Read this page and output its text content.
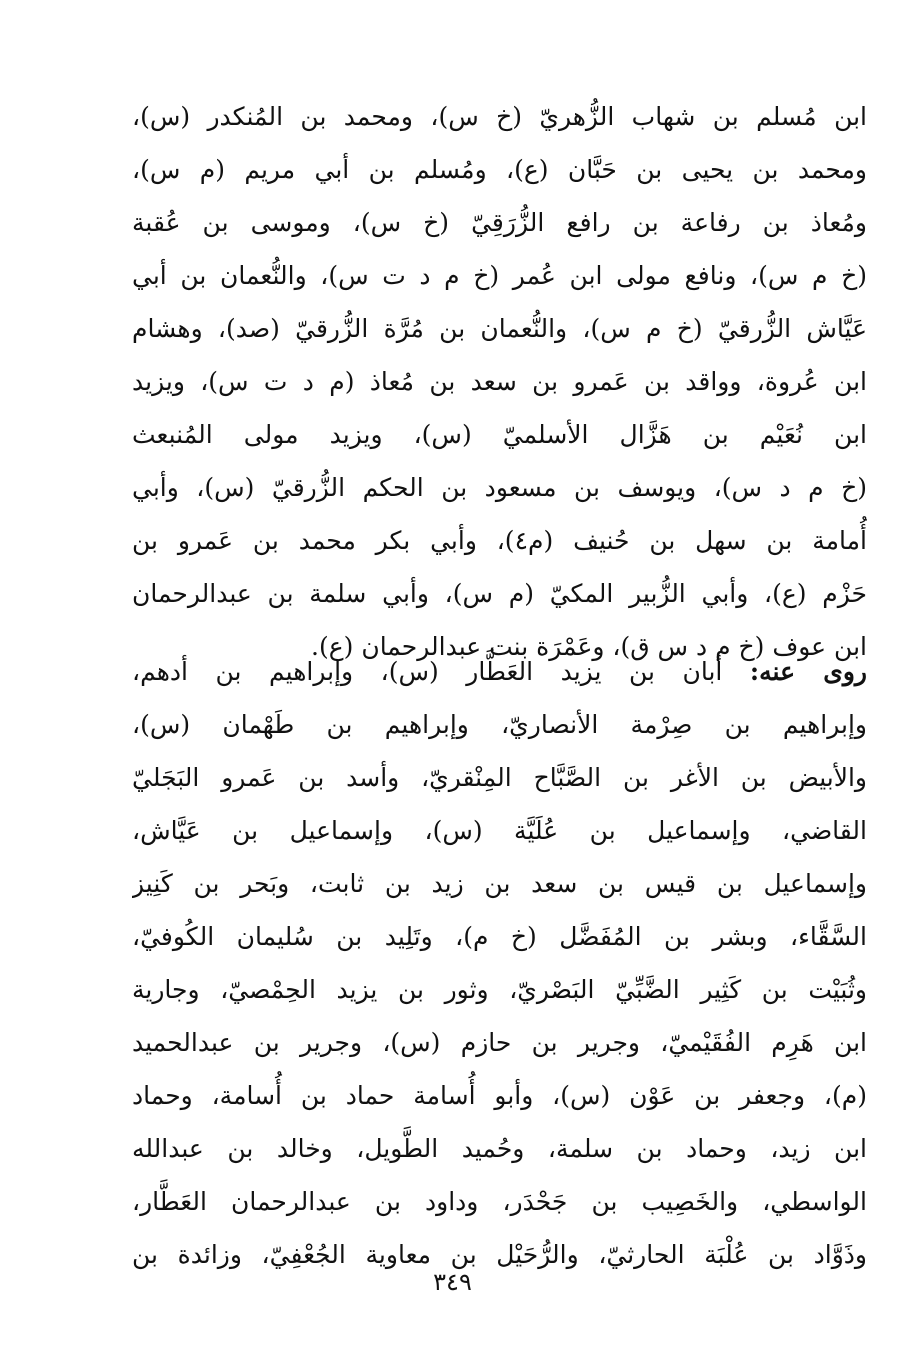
ابن مُسلم بن شهاب الزُّهريّ (خ س)، ومحمد بن المُنكدر (س)،
ومحمد بن يحيى بن حَبَّان (ع)، ومُسلم بن أبي مريم (م س)،
ومُعاذ بن رفاعة بن رافع الزُّرَقِيّ (خ س)، وموسى بن عُقبة
(خ م س)، ونافع مولى ابن عُمر (خ م د ت س)، والنُّعمان بن أبي
عَيَّاش الزُّرقيّ (خ م س)، والنُّعمان بن مُرَّة الزُّرقيّ (صد)، وهشام
ابن عُروة، وواقد بن عَمرو بن سعد بن مُعاذ (م د ت س)، ويزيد
ابن نُعَيْم بن هَزَّال الأسلميّ (س)، ويزيد مولى المُنبعث
(خ م د س)، ويوسف بن مسعود بن الحكم الزُّرقيّ (س)، وأبي
أُمامة بن سهل بن حُنيف (م٤)، وأبي بكر محمد بن عَمرو بن
حَزْم (ع)، وأبي الزُّبير المكيّ (م س)، وأبي سلمة بن عبدالرحمان
ابن عوف (خ م د س ق)، وعَمْرَة بنت عبدالرحمان (ع).
روى عنه: أبان بن يزيد العَطَّار (س)، وإبراهيم بن أدهم،
وإبراهيم بن صِرْمة الأنصاريّ، وإبراهيم بن طَهْمان (س)،
والأبيض بن الأغر بن الصَّبَّاح المِنْقريّ، وأسد بن عَمرو البَجَليّ
القاضي، وإسماعيل بن عُلَيَّة (س)، وإسماعيل بن عَيَّاش،
وإسماعيل بن قيس بن سعد بن زيد بن ثابت، وبَحر بن كَنِيز
السَّقَّاء، وبشر بن المُفَضَّل (خ م)، وتَلِيد بن سُليمان الكُوفيّ،
وثُبَيْت بن كَثِير الضَّبِّيّ البَصْريّ، وثور بن يزيد الحِمْصيّ، وجارية
ابن هَرِم الفُقَيْميّ، وجرير بن حازم (س)، وجرير بن عبدالحميد
(م)، وجعفر بن عَوْن (س)، وأبو أُسامة حماد بن أُسامة، وحماد
ابن زيد، وحماد بن سلمة، وحُميد الطَّويل، وخالد بن عبدالله
الواسطي، والخَصِيب بن جَحْدَر، وداود بن عبدالرحمان العَطَّار،
وذَوَّاد بن عُلْبَة الحارثيّ، والرُّحَيْل بن معاوية الجُعْفِيّ، وزائدة بن
٣٤٩
